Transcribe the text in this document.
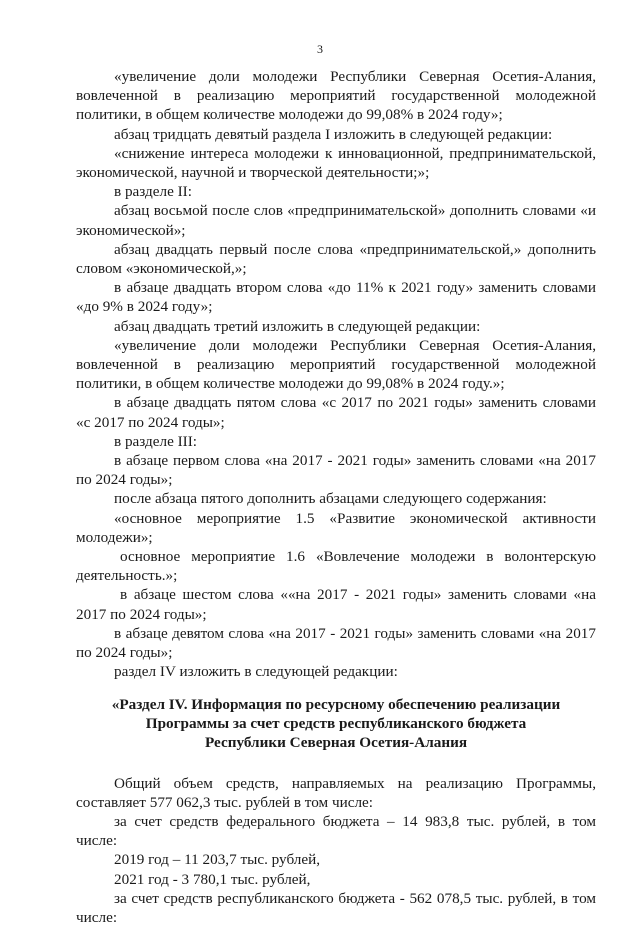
3

«увеличение доли молодежи Республики Северная Осетия-Алания, вовлеченной в реализацию мероприятий государственной молодежной политики, в общем количестве молодежи до 99,08% в 2024 году»;

абзац тридцать девятый раздела I изложить в следующей редакции:

«снижение интереса молодежи к инновационной, предпринимательской, экономической, научной и творческой деятельности;»;

в разделе II:

абзац восьмой после слов «предпринимательской» дополнить словами «и экономической»;

абзац двадцать первый после слова «предпринимательской,» дополнить словом «экономической,»;

в абзаце двадцать втором слова «до 11% к 2021 году» заменить словами «до 9% в 2024 году»;

абзац двадцать третий изложить в следующей редакции:

«увеличение доли молодежи Республики Северная Осетия-Алания, вовлеченной в реализацию мероприятий государственной молодежной политики, в общем количестве молодежи до 99,08% в 2024 году.»;

в абзаце двадцать пятом слова «с 2017 по 2021 годы» заменить словами «с 2017 по 2024 годы»;

в разделе III:

в абзаце первом слова «на 2017 - 2021 годы» заменить словами «на 2017 по 2024 годы»;

после абзаца пятого дополнить абзацами следующего содержания:

«основное мероприятие 1.5 «Развитие экономической активности молодежи»;

основное мероприятие 1.6 «Вовлечение молодежи в волонтерскую деятельность.»;

в абзаце шестом слова ««на 2017 - 2021 годы» заменить словами «на 2017 по 2024 годы»;

в абзаце девятом слова «на 2017 - 2021 годы» заменить словами «на 2017 по 2024 годы»;

раздел IV изложить в следующей редакции:

«Раздел IV. Информация по ресурсному обеспечению реализации
Программы за счет средств республиканского бюджета
Республики Северная Осетия-Алания

Общий объем средств, направляемых на реализацию Программы, составляет 577 062,3 тыс. рублей в том числе:

за счет средств федерального бюджета – 14 983,8 тыс. рублей, в том числе:

2019 год – 11 203,7 тыс. рублей,

2021 год - 3 780,1 тыс. рублей,

за счет средств республиканского бюджета - 562 078,5 тыс. рублей, в том числе:
